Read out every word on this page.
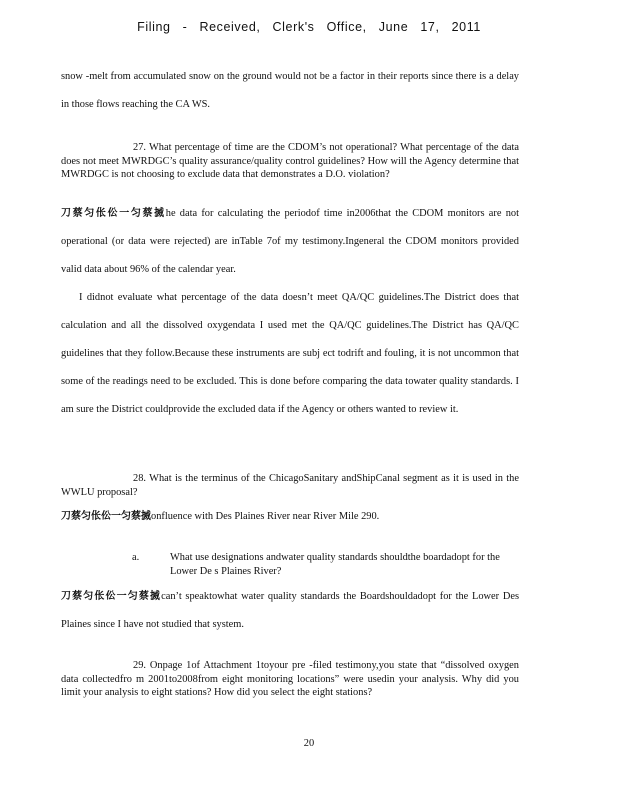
Filing - Received, Clerk's Office, June 17, 2011
snow -melt from accumulated snow on the ground would not be a factor in their reports since there is a delay in those flows reaching the CA WS.
27. What percentage of time are the CDOM’s not operational? What percentage of the data does not meet MWRDGC’s quality assurance/quality control guidelines? How will the Agency determine that MWRDGC is not choosing to exclude data that demonstrates a D.O. violation?
刀蔡匀伥伀一匀蔡揻he data for calculating the periodof time in2006that the CDOM monitors are not operational (or data were rejected) are inTable 7of my testimony.Ingeneral the CDOM monitors provided valid data about 96% of the calendar year.
I didnot evaluate what percentage of the data doesn’t meet QA/QC guidelines.The District does that calculation and all the dissolved oxygendata I used met the QA/QC guidelines.The District has QA/QC guidelines that they follow.Because these instruments are subj ect todrift and fouling, it is not uncommon that some of the readings need to be excluded. This is done before comparing the data towater quality standards. I am sure the District couldprovide the excluded data if the Agency or others wanted to review it.
28. What is the terminus of the ChicagoSanitary andShipCanal segment as it is used in the WWLU proposal?
刀蔡匀伥伀一匀蔡揻onfluence with Des Plaines River near River Mile 290.
a.	What use designations andwater quality standards shouldthe boardadopt for the Lower De s Plaines River?
刀蔡匀伥伀一匀蔡揻can’t speaktowhat water quality standards the Boardshouldadopt for the Lower Des Plaines since I have not studied that system.
29. Onpage 1of Attachment 1toyour pre -filed testimony,you state that “dissolved oxygen data collectedfro m 2001to2008from eight monitoring locations” were usedin your analysis. Why did you limit your analysis to eight stations? How did you select the eight stations?
20
